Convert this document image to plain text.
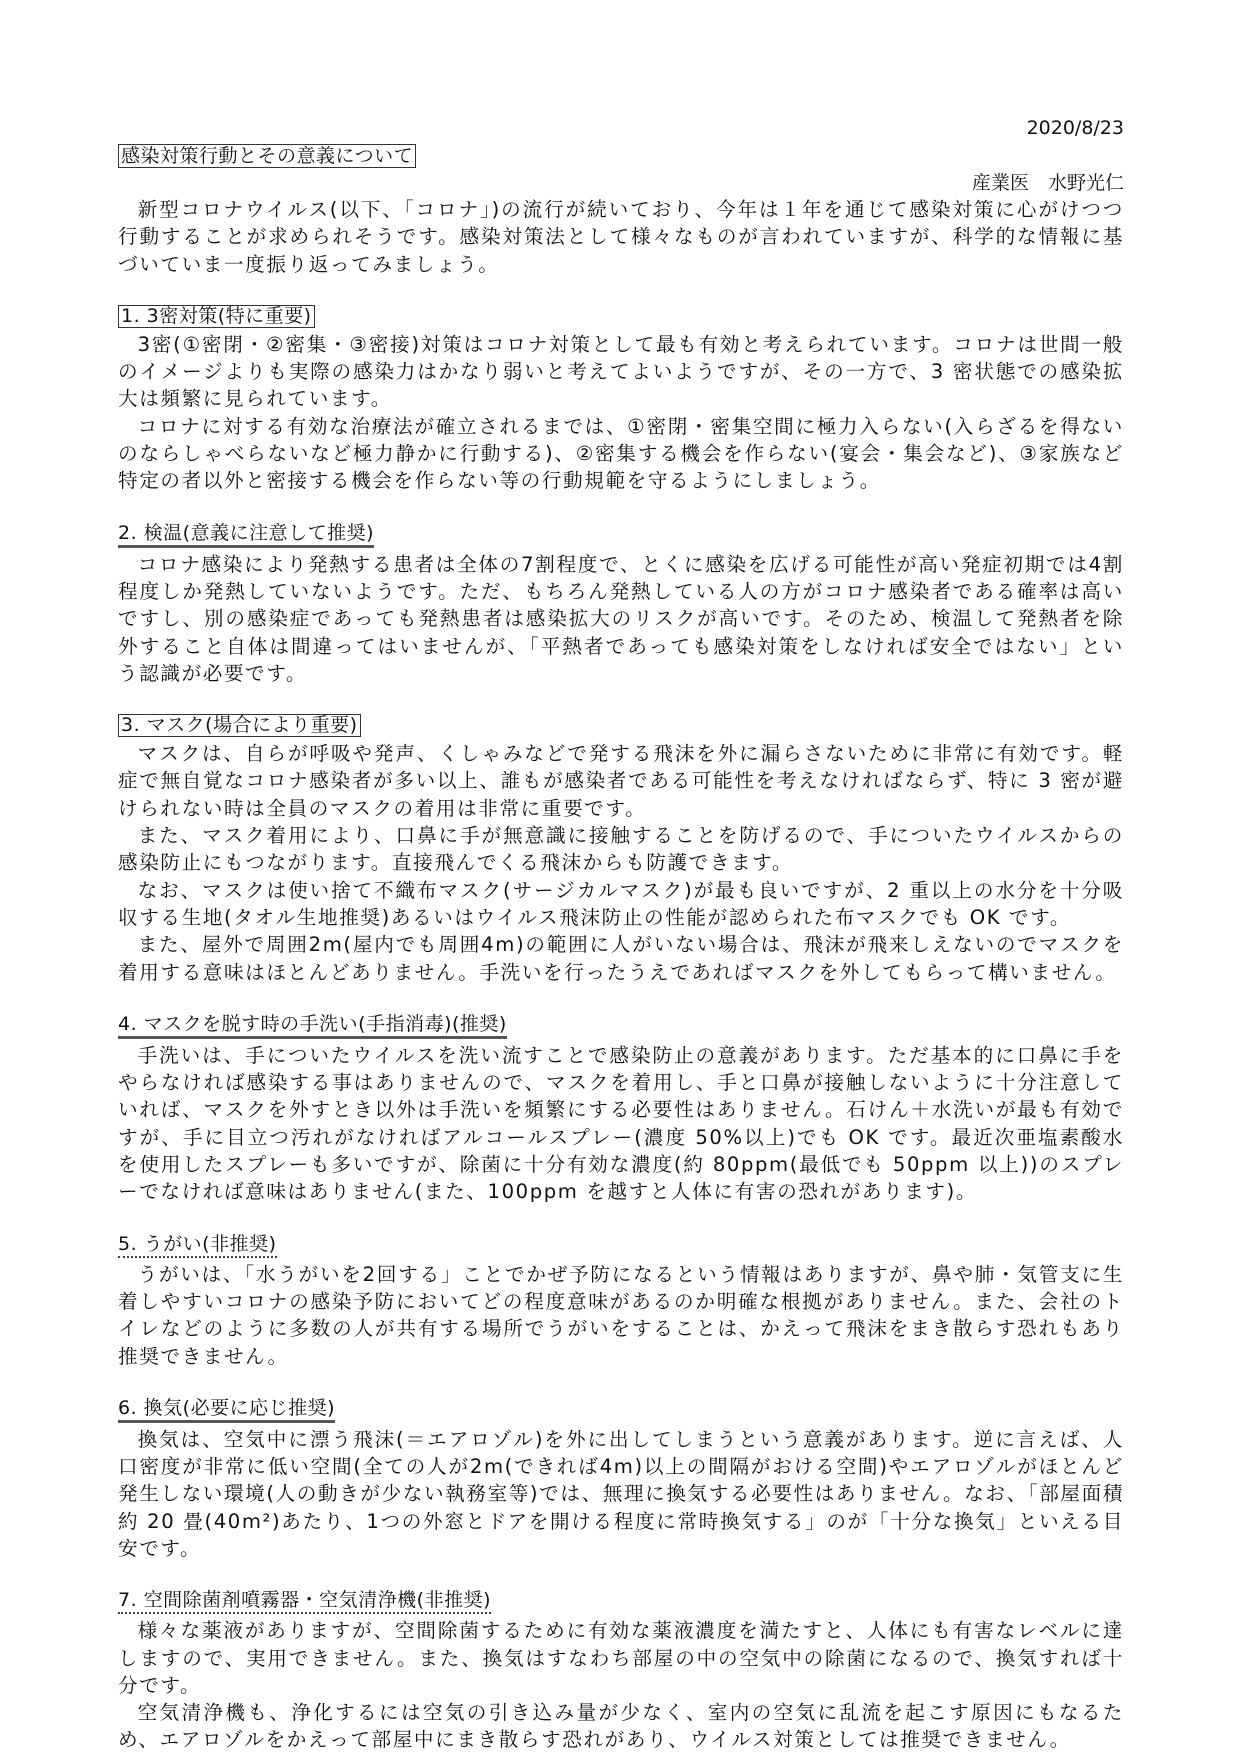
2020/8/23
感染対策行動とその意義について
産業医　水野光仁

新型コロナウイルス(以下、「コロナ」)の流行が続いており、今年は１年を通じて感染対策に心がけつつ行動することが求められそうです。感染対策法として様々なものが言われていますが、科学的な情報に基づいていま一度振り返ってみましょう。

1. 3密対策(特に重要)

3密(①密閉・②密集・③密接)対策はコロナ対策として最も有効と考えられています。コロナは世間一般のイメージよりも実際の感染力はかなり弱いと考えてよいようですが、その一方で、3 密状態での感染拡大は頻繁に見られています。

コロナに対する有効な治療法が確立されるまでは、①密閉・密集空間に極力入らない(入らざるを得ないのならしゃべらないなど極力静かに行動する)、②密集する機会を作らない(宴会・集会など)、③家族など特定の者以外と密接する機会を作らない等の行動規範を守るようにしましょう。

2. 検温(意義に注意して推奨)

コロナ感染により発熱する患者は全体の7割程度で、とくに感染を広げる可能性が高い発症初期では4割程度しか発熱していないようです。ただ、もちろん発熱している人の方がコロナ感染者である確率は高いですし、別の感染症であっても発熱患者は感染拡大のリスクが高いです。そのため、検温して発熱者を除外すること自体は間違ってはいませんが、「平熱者であっても感染対策をしなければ安全ではない」という認識が必要です。

3. マスク(場合により重要)

マスクは、自らが呼吸や発声、くしゃみなどで発する飛沫を外に漏らさないために非常に有効です。軽症で無自覚なコロナ感染者が多い以上、誰もが感染者である可能性を考えなければならず、特に 3 密が避けられない時は全員のマスクの着用は非常に重要です。

また、マスク着用により、口鼻に手が無意識に接触することを防げるので、手についたウイルスからの感染防止にもつながります。直接飛んでくる飛沫からも防護できます。

なお、マスクは使い捨て不織布マスク(サージカルマスク)が最も良いですが、2 重以上の水分を十分吸収する生地(タオル生地推奨)あるいはウイルス飛沫防止の性能が認められた布マスクでも OK です。

また、屋外で周囲2m(屋内でも周囲4m)の範囲に人がいない場合は、飛沫が飛来しえないのでマスクを着用する意味はほとんどありません。手洗いを行ったうえであればマスクを外してもらって構いません。

4. マスクを脱す時の手洗い(手指消毒)(推奨)

手洗いは、手についたウイルスを洗い流すことで感染防止の意義があります。ただ基本的に口鼻に手をやらなければ感染する事はありませんので、マスクを着用し、手と口鼻が接触しないように十分注意していれば、マスクを外すとき以外は手洗いを頻繁にする必要性はありません。石けん＋水洗いが最も有効ですが、手に目立つ汚れがなければアルコールスプレー(濃度 50%以上)でも OK です。最近次亜塩素酸水を使用したスプレーも多いですが、除菌に十分有効な濃度(約 80ppm(最低でも 50ppm 以上))のスプレーでなければ意味はありません(また、100ppm を越すと人体に有害の恐れがあります)。

5. うがい(非推奨)

うがいは、「水うがいを2回する」ことでかぜ予防になるという情報はありますが、鼻や肺・気管支に生着しやすいコロナの感染予防においてどの程度意味があるのか明確な根拠がありません。また、会社のトイレなどのように多数の人が共有する場所でうがいをすることは、かえって飛沫をまき散らす恐れもあり推奨できません。

6. 換気(必要に応じ推奨)

換気は、空気中に漂う飛沫(＝エアロゾル)を外に出してしまうという意義があります。逆に言えば、人口密度が非常に低い空間(全ての人が2m(できれば4m)以上の間隔がおける空間)やエアロゾルがほとんど発生しない環境(人の動きが少ない執務室等)では、無理に換気する必要性はありません。なお、「部屋面積約 20 畳(40m²)あたり、1つの外窓とドアを開ける程度に常時換気する」のが「十分な換気」といえる目安です。

7. 空間除菌剤噴霧器・空気清浄機(非推奨)

様々な薬液がありますが、空間除菌するために有効な薬液濃度を満たすと、人体にも有害なレベルに達しますので、実用できません。また、換気はすなわち部屋の中の空気中の除菌になるので、換気すれば十分です。

空気清浄機も、浄化するには空気の引き込み量が少なく、室内の空気に乱流を起こす原因にもなるため、エアロゾルをかえって部屋中にまき散らす恐れがあり、ウイルス対策としては推奨できません。
